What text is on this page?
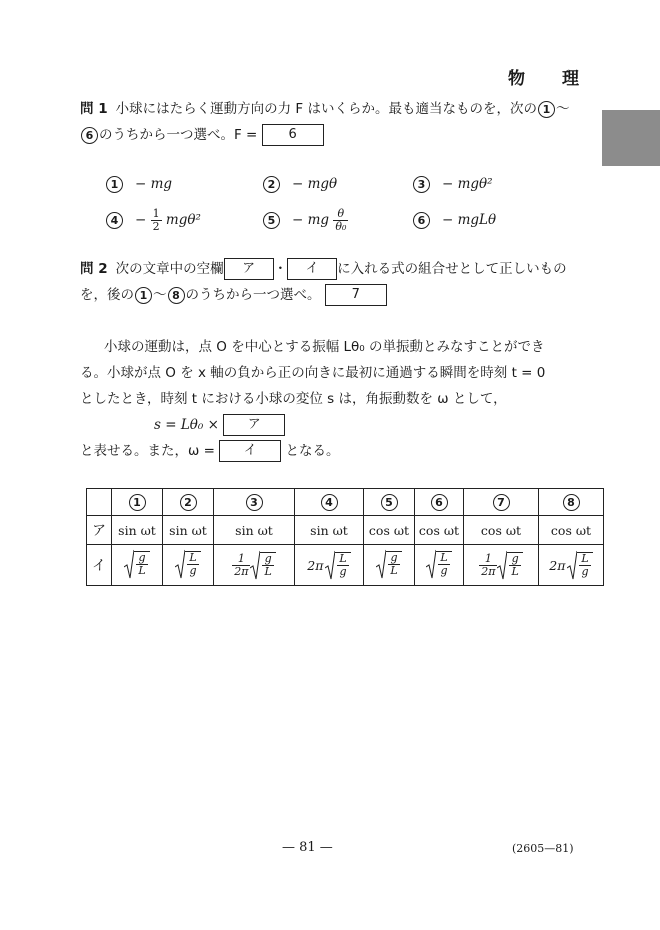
物　理
問 1 小球にはたらく運動方向の力 F はいくらか。最も適当なものを，次の 1 〜
6 のうちから一つ選べ。F = 6
1 − mg	2 − mgθ	3 − mgθ²
$4 - \frac{1}{2} mg\theta^2$	5 − mg $\frac{\theta}{\text{θ₀}}$	6 − mgLθ
問 2 次の文章中の空欄 ア ・ イ に入れる式の組合せとして正しいもの
を，後の 1 〜 8 のうちから一つ選べ。 7
小球の運動は，点 O を中心とする振幅 Lθ₀ の単振動とみなすことができ
る。小球が点 O を x 軸の負から正の向きに最初に通過する瞬間を時刻 t = 0
としたとき，時刻 t における小球の変位 s は，角振動数を ω として，
s = Lθ₀ × ア
と表せる。また，ω = イ となる。
	1	2	3	4	5	6	7	8
ア	sin ωt	sin ωt	sin ωt	sin ωt	cos ωt	cos ωt	cos ωt	cos ωt
イ	$\frac{g}{L}$	$\frac{L}{g}$	$\frac{1}{2\pi} \frac{g}{L}$	$2\pi \frac{L}{g}$	$\frac{g}{L}$	$\frac{L}{g}$	$\frac{1}{2\pi} \frac{g}{L}$	$2\pi \frac{L}{g}$
— 81 —	(2605—81)
